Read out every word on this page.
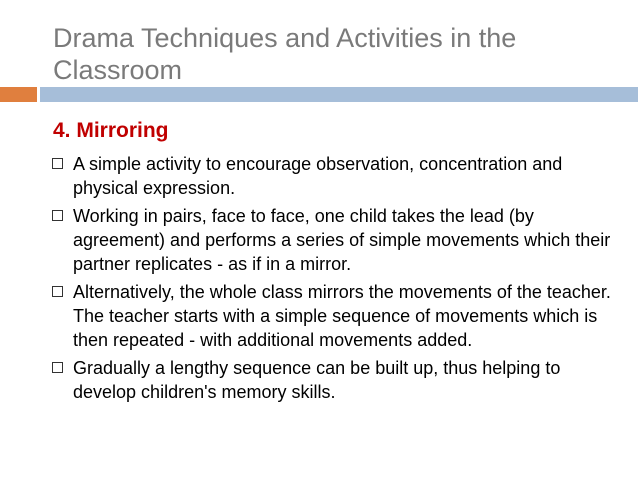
Drama Techniques and Activities in the Classroom
4. Mirroring
A simple activity to encourage observation, concentration and physical expression.
Working in pairs, face to face, one child takes the lead (by agreement) and performs a series of simple movements which their partner replicates - as if in a mirror.
Alternatively, the whole class mirrors the movements of the teacher. The teacher starts with a simple sequence of movements which is then repeated - with additional movements added.
Gradually a lengthy sequence can be built up, thus helping to develop children's memory skills.
